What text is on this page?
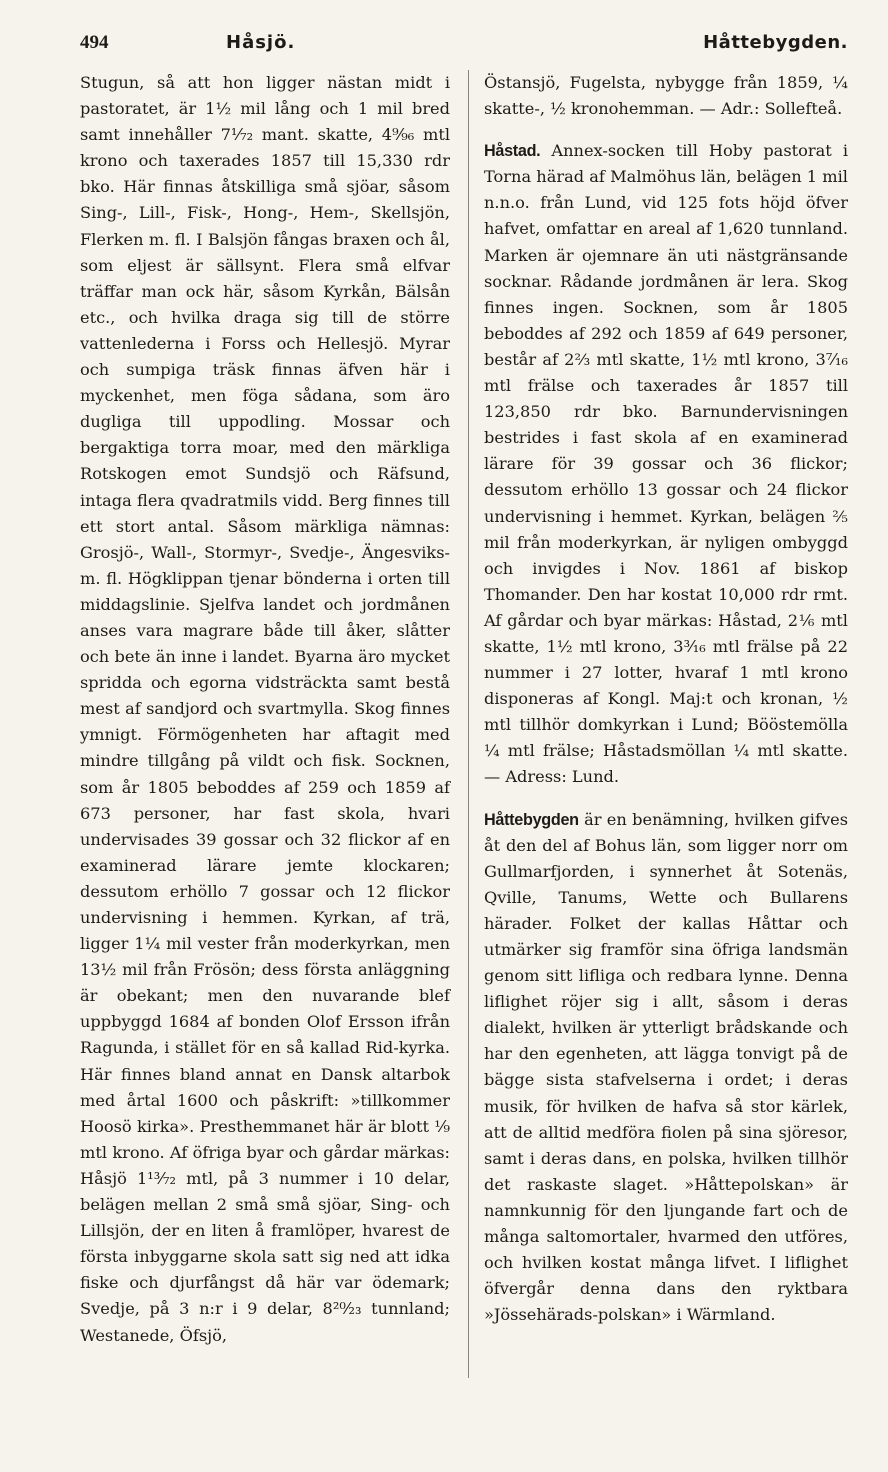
494	Håsjö.	Håttebygden.

Stugun, så att hon ligger nästan midt i pastoratet, är 1½ mil lång och 1 mil bred samt innehåller 7¹⁄₇₂ mant. skatte, 4⁹⁄₉₆ mtl krono och taxerades 1857 till 15,330 rdr bko. Här finnas åtskilliga små sjöar, såsom Sing-, Lill-, Fisk-, Hong-, Hem-, Skellsjön, Flerken m. fl. I Balsjön fångas braxen och ål, som eljest är sällsynt. Flera små elfvar träffar man ock här, såsom Kyrkån, Bälsån etc., och hvilka draga sig till de större vattenlederna i Forss och Hellesjö. Myrar och sumpiga träsk finnas äfven här i myckenhet, men föga sådana, som äro dugliga till uppodling. Mossar och bergaktiga torra moar, med den märkliga Rotskogen emot Sundsjö och Räfsund, intaga flera qvadratmils vidd. Berg finnes till ett stort antal. Såsom märkliga nämnas: Grosjö-, Wall-, Stormyr-, Svedje-, Ängesviks- m. fl. Högklippan tjenar bönderna i orten till middagslinie. Sjelfva landet och jordmånen anses vara magrare både till åker, slåtter och bete än inne i landet. Byarna äro mycket spridda och egorna vidsträckta samt bestå mest af sandjord och svartmylla. Skog finnes ymnigt. Förmögenheten har aftagit med mindre tillgång på vildt och fisk. Socknen, som år 1805 beboddes af 259 och 1859 af 673 personer, har fast skola, hvari undervisades 39 gossar och 32 flickor af en examinerad lärare jemte klockaren; dessutom erhöllo 7 gossar och 12 flickor undervisning i hemmen. Kyrkan, af trä, ligger 1¼ mil vester från moderkyrkan, men 13½ mil från Frösön; dess första anläggning är obekant; men den nuvarande blef uppbyggd 1684 af bonden Olof Ersson ifrån Ragunda, i stället för en så kallad Rid-kyrka. Här finnes bland annat en Dansk altarbok med årtal 1600 och påskrift: »tillkommer Hoosö kirka». Presthemmanet här är blott ⅑ mtl krono. Af öfriga byar och gårdar märkas: Håsjö 1¹³⁄₇₂ mtl, på 3 nummer i 10 delar, belägen mellan 2 små små sjöar, Sing- och Lillsjön, der en liten å framlöper, hvarest de första inbyggarne skola satt sig ned att idka fiske och djurfångst då här var ödemark; Svedje, på 3 n:r i 9 delar, 8²⁰⁄₂₃ tunnland; Westanede, Öfsjö,

Östansjö, Fugelsta, nybygge från 1859, ¼ skatte-, ½ kronohemman. — Adr.: Sollefteå.

Håstad. Annex-socken till Hoby pastorat i Torna härad af Malmöhus län, belägen 1 mil n.n.o. från Lund, vid 125 fots höjd öfver hafvet, omfattar en areal af 1,620 tunnland. Marken är ojemnare än uti nästgränsande socknar. Rådande jordmånen är lera. Skog finnes ingen. Socknen, som år 1805 beboddes af 292 och 1859 af 649 personer, består af 2⅔ mtl skatte, 1½ mtl krono, 3⁷⁄₁₆ mtl frälse och taxerades år 1857 till 123,850 rdr bko. Barnundervisningen bestrides i fast skola af en examinerad lärare för 39 gossar och 36 flickor; dessutom erhöllo 13 gossar och 24 flickor undervisning i hemmet. Kyrkan, belägen ⅖ mil från moderkyrkan, är nyligen ombyggd och invigdes i Nov. 1861 af biskop Thomander. Den har kostat 10,000 rdr rmt. Af gårdar och byar märkas: Håstad, 2⅙ mtl skatte, 1½ mtl krono, 3³⁄₁₆ mtl frälse på 22 nummer i 27 lotter, hvaraf 1 mtl krono disponeras af Kongl. Maj:t och kronan, ½ mtl tillhör domkyrkan i Lund; Bööstemölla ¼ mtl frälse; Håstadsmöllan ¼ mtl skatte. — Adress: Lund.

Håttebygden är en benämning, hvilken gifves åt den del af Bohus län, som ligger norr om Gullmarfjorden, i synnerhet åt Sotenäs, Qville, Tanums, Wette och Bullarens härader. Folket der kallas Håttar och utmärker sig framför sina öfriga landsmän genom sitt lifliga och redbara lynne. Denna liflighet röjer sig i allt, såsom i deras dialekt, hvilken är ytterligt brådskande och har den egenheten, att lägga tonvigt på de bägge sista stafvelserna i ordet; i deras musik, för hvilken de hafva så stor kärlek, att de alltid medföra fiolen på sina sjöresor, samt i deras dans, en polska, hvilken tillhör det raskaste slaget. »Håttepolskan» är namnkunnig för den ljungande fart och de många saltomortaler, hvarmed den utföres, och hvilken kostat många lifvet. I liflighet öfvergår denna dans den ryktbara »Jössehärads-polskan» i Wärmland.
